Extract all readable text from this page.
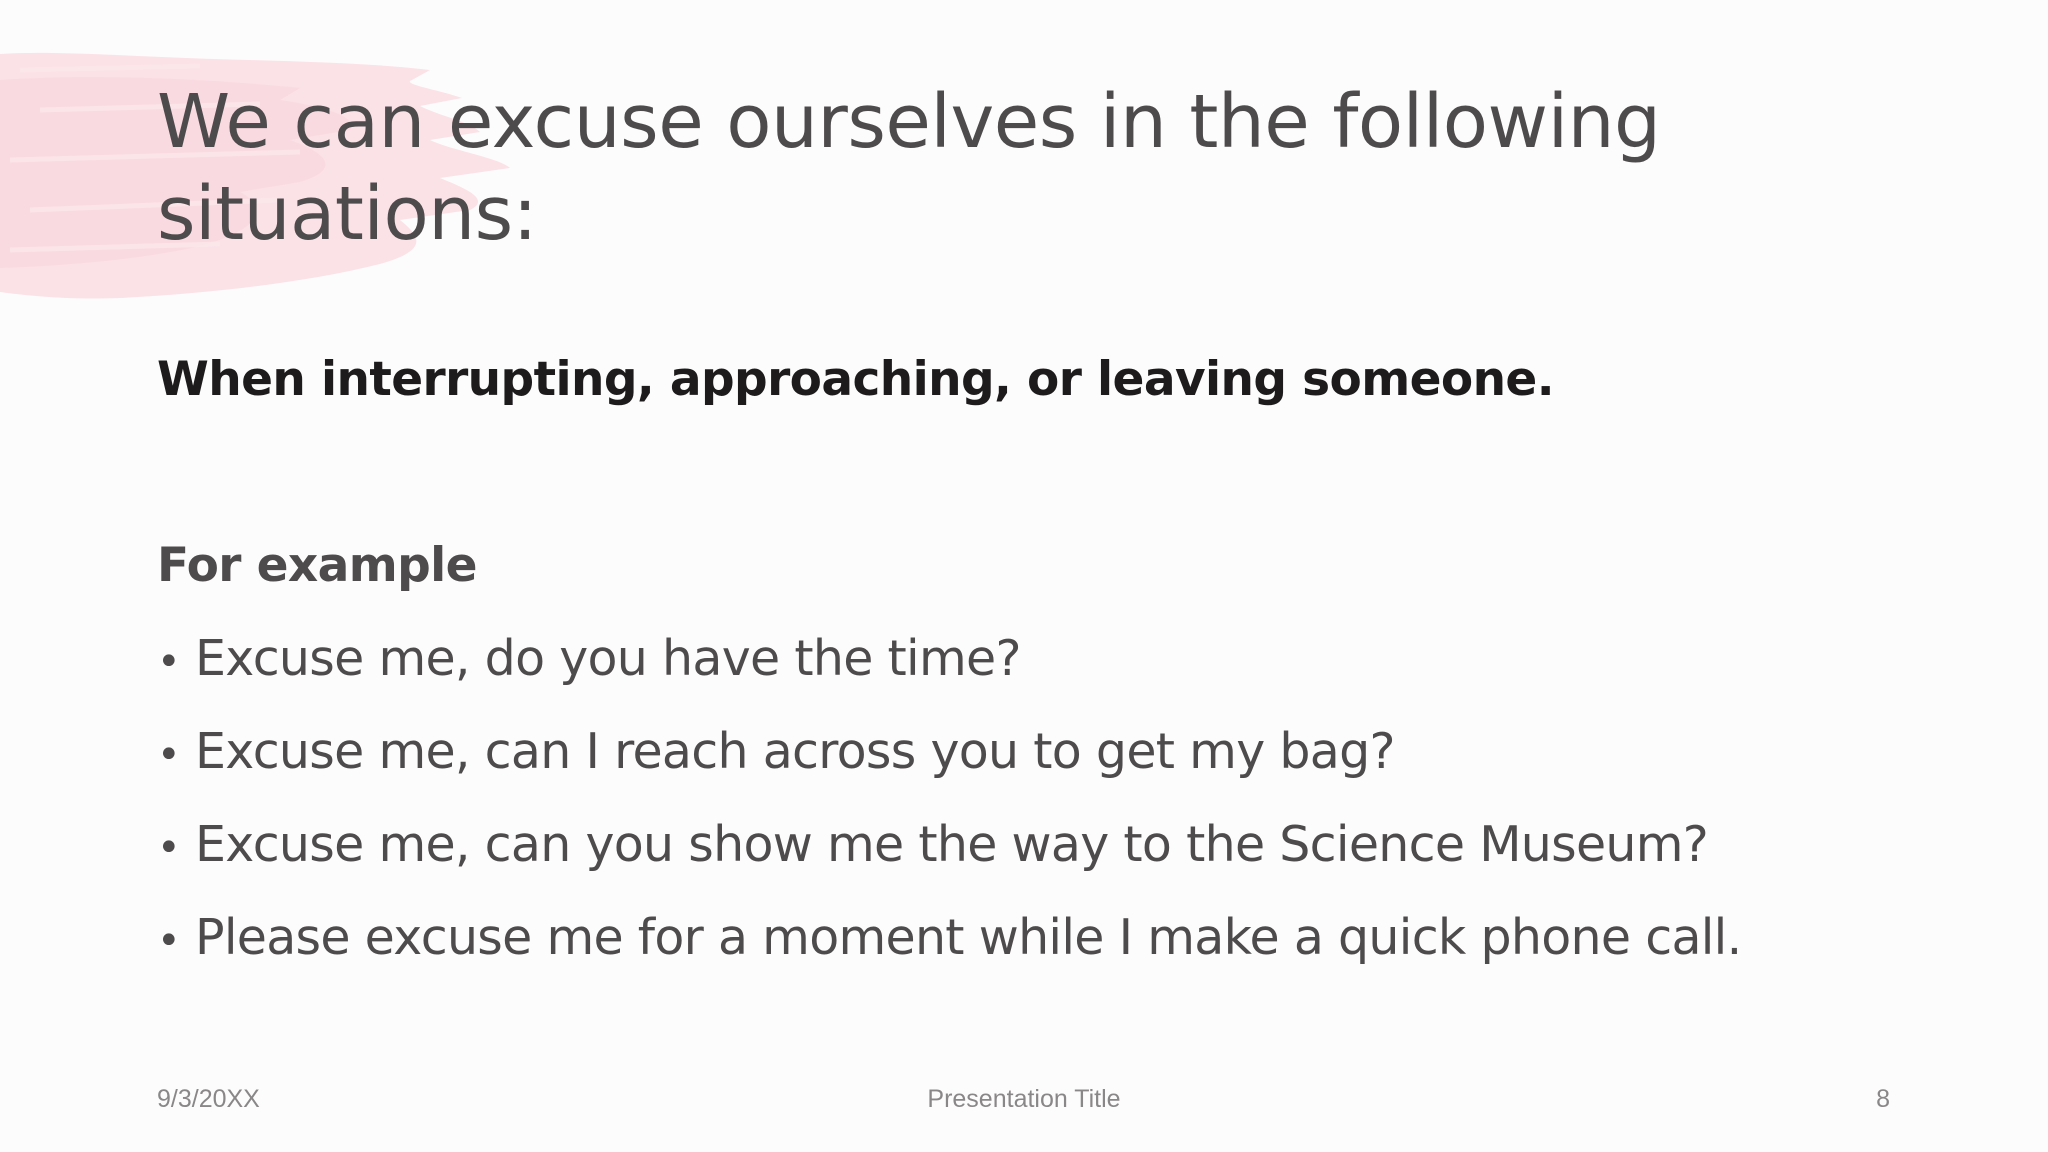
We can excuse ourselves in the following situations:

When interrupting, approaching, or leaving someone.

For example

• Excuse me, do you have the time?
• Excuse me, can I reach across you to get my bag?
• Excuse me, can you show me the way to the Science Museum?
• Please excuse me for a moment while I make a quick phone call.
9/3/20XX	Presentation Title	8
